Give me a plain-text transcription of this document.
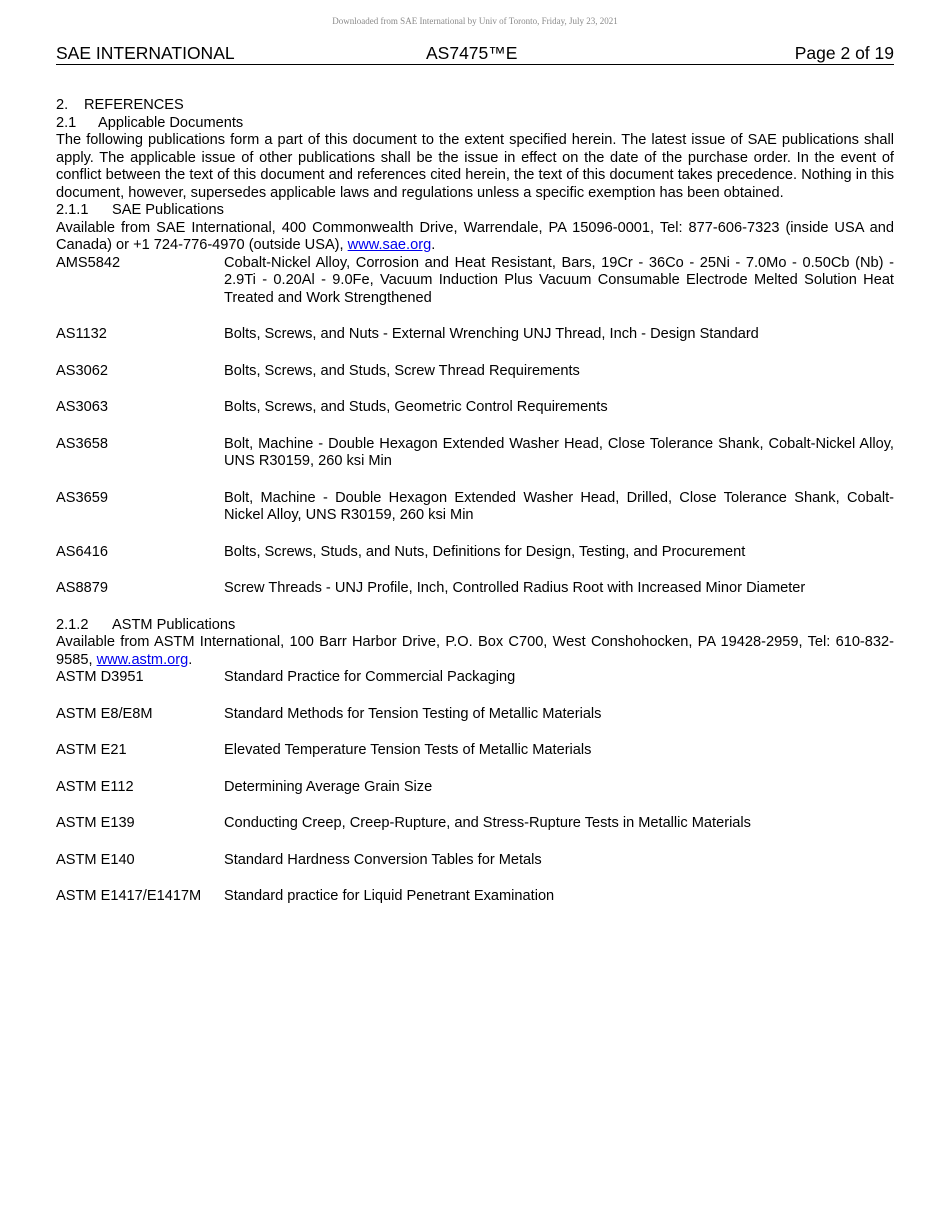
Downloaded from SAE International by Univ of Toronto, Friday, July 23, 2021
SAE INTERNATIONAL	AS7475™E	Page 2 of 19

2. REFERENCES

2.1 Applicable Documents

The following publications form a part of this document to the extent specified herein. The latest issue of SAE publications shall apply. The applicable issue of other publications shall be the issue in effect on the date of the purchase order. In the event of conflict between the text of this document and references cited herein, the text of this document takes precedence. Nothing in this document, however, supersedes applicable laws and regulations unless a specific exemption has been obtained.

2.1.1 SAE Publications

Available from SAE International, 400 Commonwealth Drive, Warrendale, PA 15096-0001, Tel: 877-606-7323 (inside USA and Canada) or +1 724-776-4970 (outside USA), www.sae.org.

AMS5842	Cobalt-Nickel Alloy, Corrosion and Heat Resistant, Bars, 19Cr - 36Co - 25Ni - 7.0Mo - 0.50Cb (Nb) - 2.9Ti - 0.20Al - 9.0Fe, Vacuum Induction Plus Vacuum Consumable Electrode Melted Solution Heat Treated and Work Strengthened
AS1132	Bolts, Screws, and Nuts - External Wrenching UNJ Thread, Inch - Design Standard
AS3062	Bolts, Screws, and Studs, Screw Thread Requirements
AS3063	Bolts, Screws, and Studs, Geometric Control Requirements
AS3658	Bolt, Machine - Double Hexagon Extended Washer Head, Close Tolerance Shank, Cobalt-Nickel Alloy, UNS R30159, 260 ksi Min
AS3659	Bolt, Machine - Double Hexagon Extended Washer Head, Drilled, Close Tolerance Shank, Cobalt-Nickel Alloy, UNS R30159, 260 ksi Min
AS6416	Bolts, Screws, Studs, and Nuts, Definitions for Design, Testing, and Procurement
AS8879	Screw Threads - UNJ Profile, Inch, Controlled Radius Root with Increased Minor Diameter

2.1.2 ASTM Publications

Available from ASTM International, 100 Barr Harbor Drive, P.O. Box C700, West Conshohocken, PA 19428-2959, Tel: 610-832-9585, www.astm.org.

ASTM D3951	Standard Practice for Commercial Packaging
ASTM E8/E8M	Standard Methods for Tension Testing of Metallic Materials
ASTM E21	Elevated Temperature Tension Tests of Metallic Materials
ASTM E112	Determining Average Grain Size
ASTM E139	Conducting Creep, Creep-Rupture, and Stress-Rupture Tests in Metallic Materials
ASTM E140	Standard Hardness Conversion Tables for Metals
ASTM E1417/E1417M	Standard practice for Liquid Penetrant Examination
